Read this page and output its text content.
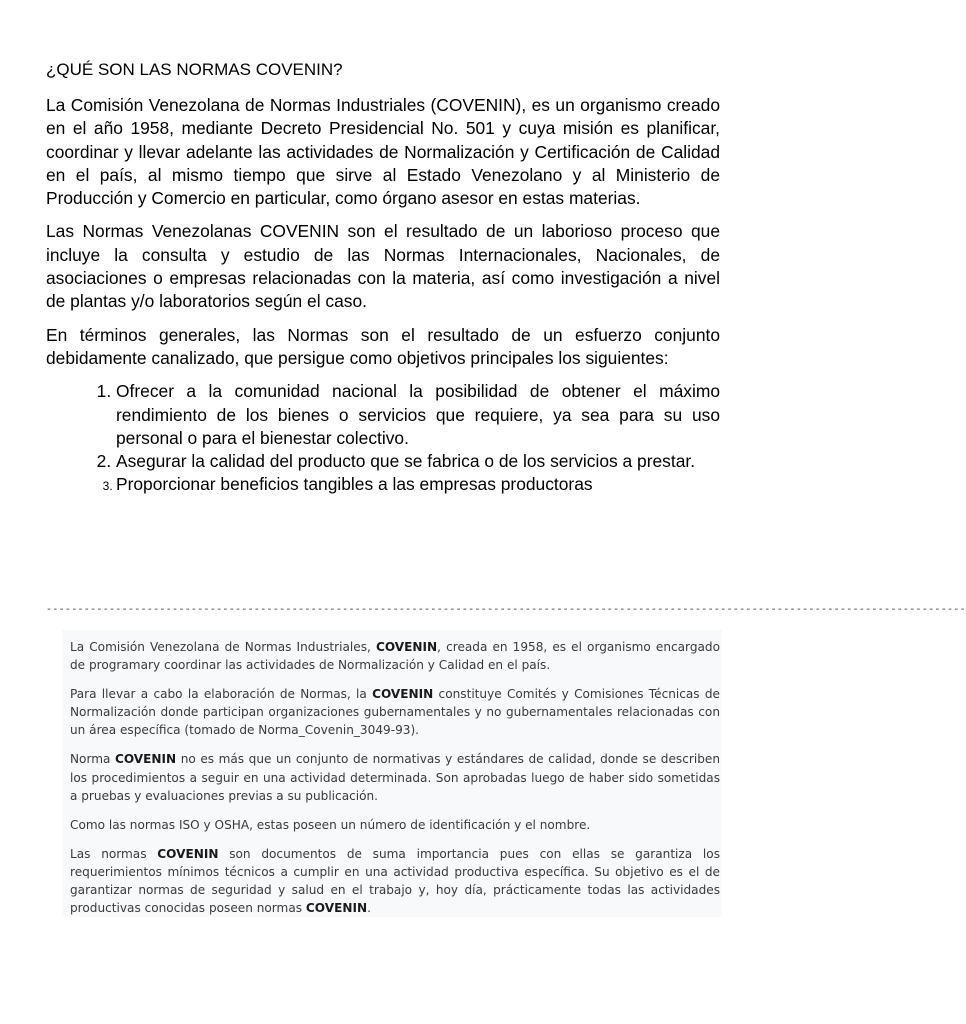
¿QUÉ SON LAS NORMAS COVENIN?

La Comisión Venezolana de Normas Industriales (COVENIN), es un organismo creado en el año 1958, mediante Decreto Presidencial No. 501 y cuya misión es planificar, coordinar y llevar adelante las actividades de Normalización y Certificación de Calidad en el país, al mismo tiempo que sirve al Estado Venezolano y al Ministerio de Producción y Comercio en particular, como órgano asesor en estas materias.

Las Normas Venezolanas COVENIN son el resultado de un laborioso proceso que incluye la consulta y estudio de las Normas Internacionales, Nacionales, de asociaciones o empresas relacionadas con la materia, así como investigación a nivel de plantas y/o laboratorios según el caso.

En términos generales, las Normas son el resultado de un esfuerzo conjunto debidamente canalizado, que persigue como objetivos principales los siguientes:

1. Ofrecer a la comunidad nacional la posibilidad de obtener el máximo rendimiento de los bienes o servicios que requiere, ya sea para su uso personal o para el bienestar colectivo.
2. Asegurar la calidad del producto que se fabrica o de los servicios a prestar.
3. Proporcionar beneficios tangibles a las empresas productoras
--------------------------------------------------------------------------------------------------------------------------------------------------

La Comisión Venezolana de Normas Industriales, COVENIN, creada en 1958, es el organismo encargado de programary coordinar las actividades de Normalización y Calidad en el país.

Para llevar a cabo la elaboración de Normas, la COVENIN constituye Comités y Comisiones Técnicas de Normalización donde participan organizaciones gubernamentales y no gubernamentales relacionadas con un área específica (tomado de Norma_Covenin_3049-93).

Norma COVENIN no es más que un conjunto de normativas y estándares de calidad, donde se describen los procedimientos a seguir en una actividad determinada. Son aprobadas luego de haber sido sometidas a pruebas y evaluaciones previas a su publicación.

Como las normas ISO y OSHA, estas poseen un número de identificación y el nombre.

Las normas COVENIN son documentos de suma importancia pues con ellas se garantiza los requerimientos mínimos técnicos a cumplir en una actividad productiva específica. Su objetivo es el de garantizar normas de seguridad y salud en el trabajo y, hoy día, prácticamente todas las actividades productivas conocidas poseen normas COVENIN.
